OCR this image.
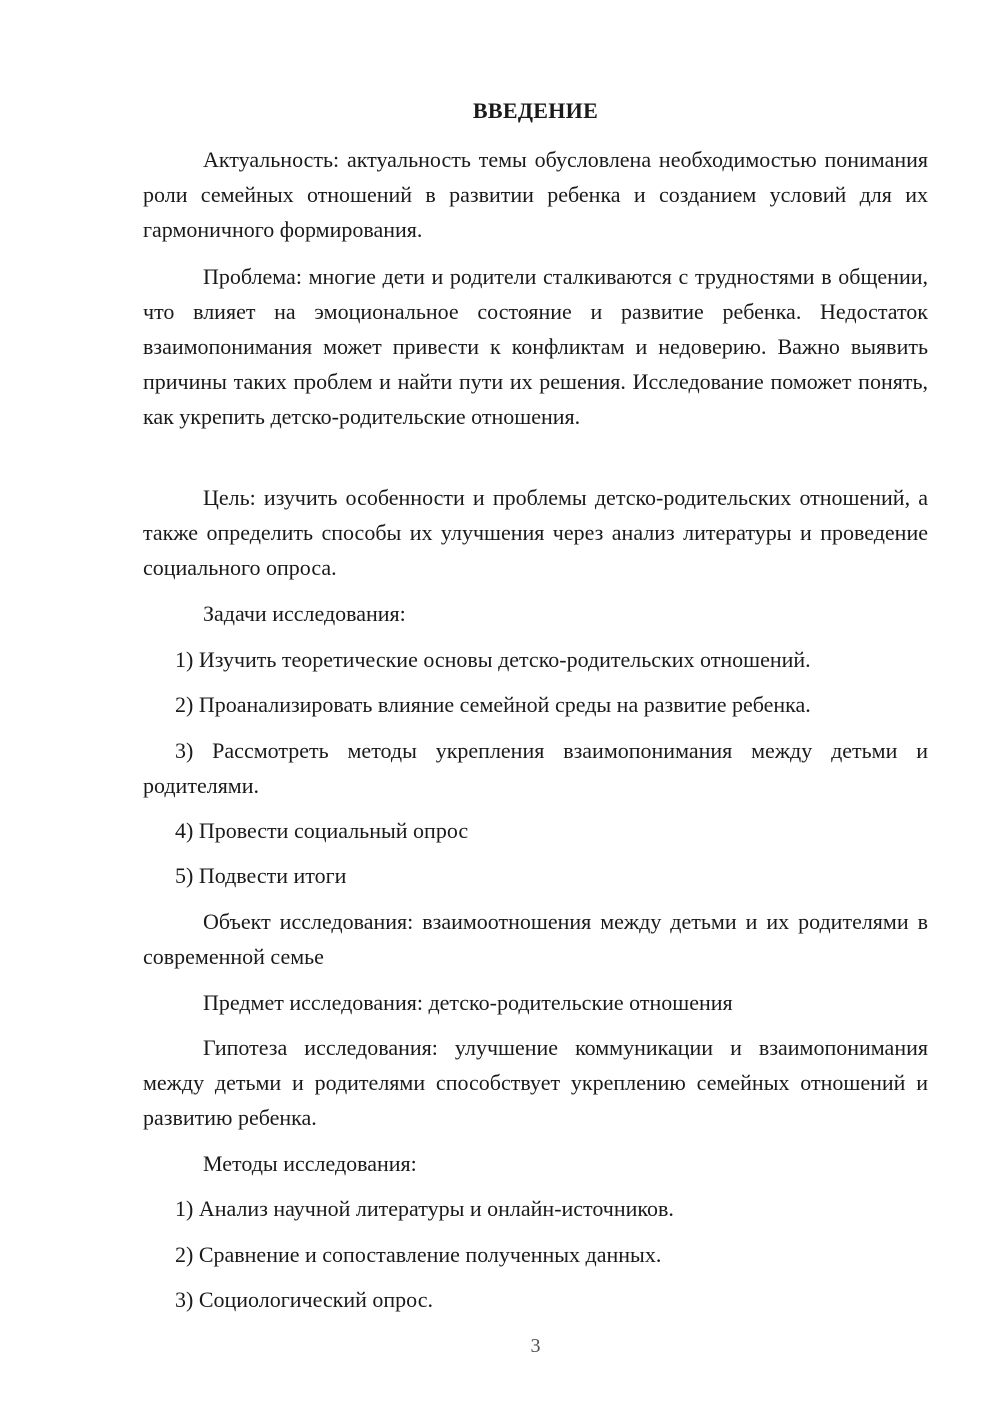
ВВЕДЕНИЕ

Актуальность: актуальность темы обусловлена необходимостью понимания роли семейных отношений в развитии ребенка и созданием условий для их гармоничного формирования.

Проблема: многие дети и родители сталкиваются с трудностями в общении, что влияет на эмоциональное состояние и развитие ребенка. Недостаток взаимопонимания может привести к конфликтам и недоверию. Важно выявить причины таких проблем и найти пути их решения. Исследование поможет понять, как укрепить детско-родительские отношения.

Цель: изучить особенности и проблемы детско-родительских отношений, а также определить способы их улучшения через анализ литературы и проведение социального опроса.

Задачи исследования:

1) Изучить теоретические основы детско-родительских отношений.

2) Проанализировать влияние семейной среды на развитие ребенка.

3) Рассмотреть методы укрепления взаимопонимания между детьми и родителями.

4) Провести социальный опрос

5) Подвести итоги

Объект исследования: взаимоотношения между детьми и их родителями в современной семье

Предмет исследования: детско-родительские отношения

Гипотеза исследования: улучшение коммуникации и взаимопонимания между детьми и родителями способствует укреплению семейных отношений и развитию ребенка.

Методы исследования:

1) Анализ научной литературы и онлайн-источников.

2) Сравнение и сопоставление полученных данных.

3) Социологический опрос.

3
